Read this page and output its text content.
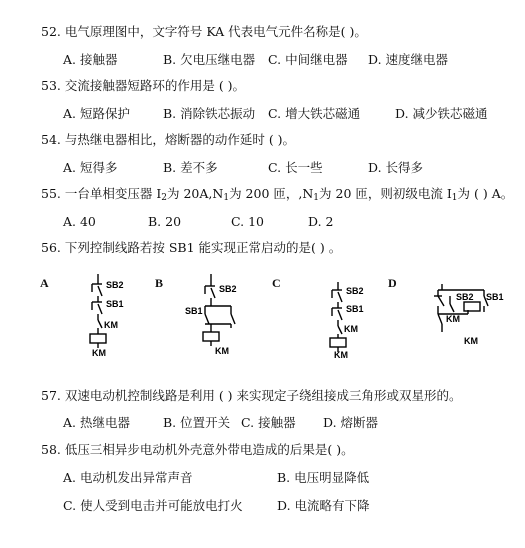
52. 电气原理图中，文字符号 KA 代表电气元件名称是( )。
A. 接触器	B. 欠电压继电器 C. 中间继电器 D. 速度继电器
53. 交流接触器短路环的作用是 ( )。
A. 短路保护	B. 消除铁芯振动 C. 增大铁芯磁通	D. 减少铁芯磁通
54. 与热继电器相比，熔断器的动作延时 ( )。
A. 短得多	B. 差不多	C. 长一些	D. 长得多
55. 一台单相变压器 $I_2$为 $20A,N_1$为 200 匝，$,N_1$为 20 匝，则初级电流 $I_1$为 ( ) A。
A. 40	B. 20	C. 10	D. 2
56. 下列控制线路若按 SB1 能实现正常启动的是( ) 。
A	B	C	D
SB2
SB1
KM
KM
SB2
SB1
KM
SB2
SB1
KM
KM
SB2 SB1
KM
KM
57. 双速电动机控制线路是利用 ( ) 来实现定子绕组接成三角形或双星形的。
A. 热继电器	B. 位置开关 C. 接触器 D. 熔断器
58. 低压三相异步电动机外壳意外带电造成的后果是( )。
A. 电动机发出异常声音	B. 电压明显降低
C. 使人受到电击并可能放电打火	D. 电流略有下降
